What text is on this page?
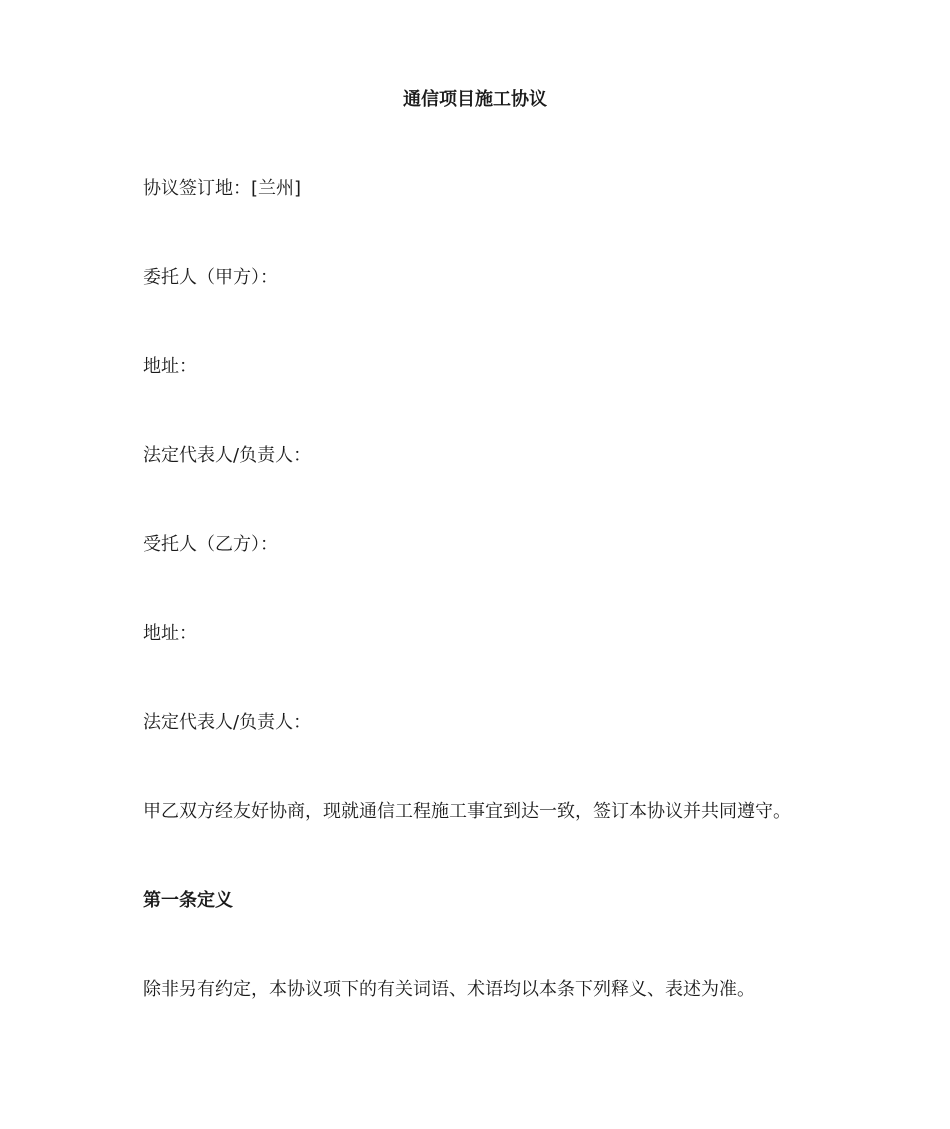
通信项目施工协议
协议签订地：[兰州]
委托人（甲方）：
地址：
法定代表人/负责人：
受托人（乙方）：
地址：
法定代表人/负责人：
甲乙双方经友好协商，现就通信工程施工事宜到达一致，签订本协议并共同遵守。
第一条定义
除非另有约定，本协议项下的有关词语、术语均以本条下列释义、表述为准。
